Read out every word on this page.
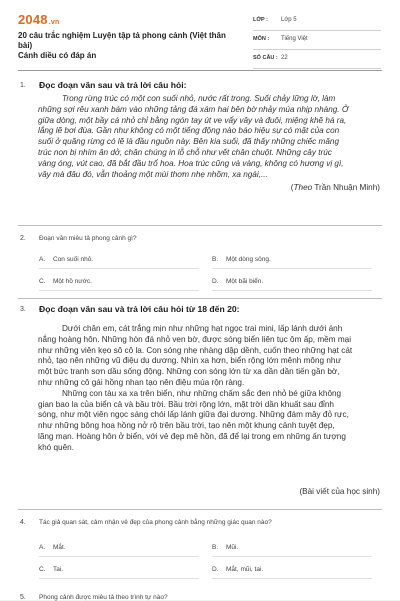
2048.vn
20 câu trắc nghiệm Luyện tập tả phong cảnh (Việt thân bài)
Cánh diều có đáp án
LỚP : Lớp 5
MÔN : Tiếng Việt
SỐ CÂU : 22
1. Đọc đoạn văn sau và trả lời câu hỏi:
Trong rừng trúc có một con suối nhỏ, nước rất trong. Suối chảy lững lờ, làm
những sợi rêu xanh bám vào những tảng đá xám hai bên bờ nhảy múa nhịp nhàng. Ở
giữa dòng, một bầy cá nhỏ chỉ bằng ngón tay út ve vẩy vây và đuôi, miệng khẽ há ra,
lắng lẽ bơi đùa. Gần như không có một tiếng động nào báo hiệu sự có mặt của con
suối ở quãng rừng có lẽ là đầu nguồn này. Bên kia suối, đã thấy những chiếc măng
trúc non bị nhím ăn dở, chân chúng in lỗ chỗ như vết chân chuột. Những cây trúc
vàng óng, vút cao, đã bắt đầu trổ hoa. Hoa trúc cũng và vàng, không có hương vị gì,
vây mà đâu đó, vẫn thoảng một mùi thơm nhẹ nhõm, xa ngái,...
(Theo Trần Nhuận Minh)
2. Đoạn văn miêu tả phong cảnh gì?
A. Con suối nhỏ.	B. Một dòng sông.
C. Một hồ nước.	D. Một bãi biển.
3. Đọc đoạn văn sau và trả lời câu hỏi từ 18 đến 20:
Dưới chân em, cát trắng mịn như những hạt ngọc trai mini, lấp lánh dưới ánh
nắng hoàng hôn. Những hòn đá nhỏ ven bờ, được sóng biển liên tục ôm ấp, mềm mại
như những viên kẹo sô cô la. Con sóng nhẹ nhàng dập dềnh, cuốn theo những hạt cát
nhỏ, tạo nên những vũ điệu du dương. Nhìn xa hơn, biển rộng lớn mênh mông như
một bức tranh sơn dầu sống động. Những con sóng lớn từ xa dần dần tiến gần bờ,
như những cô gái hồng nhan tạo nên điệu múa rộn ràng.
Những con tàu xa xa trên biển, như những chấm sắc đen nhỏ bé giữa không
gian bao la của biển cả và bầu trời. Bầu trời rộng lớn, mặt trời dần khuất sau đỉnh
sóng, như một viên ngọc sáng chói lấp lánh giữa đại dương. Những đám mây đỏ rực,
như những bông hoa hồng nở rộ trên bầu trời, tạo nên một khung cảnh tuyệt đẹp,
lãng mạn. Hoàng hôn ở biển, với vẻ đẹp mê hồn, đã để lại trong em những ấn tượng
khó quên.
(Bài viết của học sinh)
4. Tác giả quan sát, cảm nhận vẻ đẹp của phong cảnh bằng những giác quan nào?
A. Mắt.	B. Mũi.
C. Tai.	D. Mắt, mũi, tai.
5. Phong cảnh được miêu tả theo trình tự nào?
